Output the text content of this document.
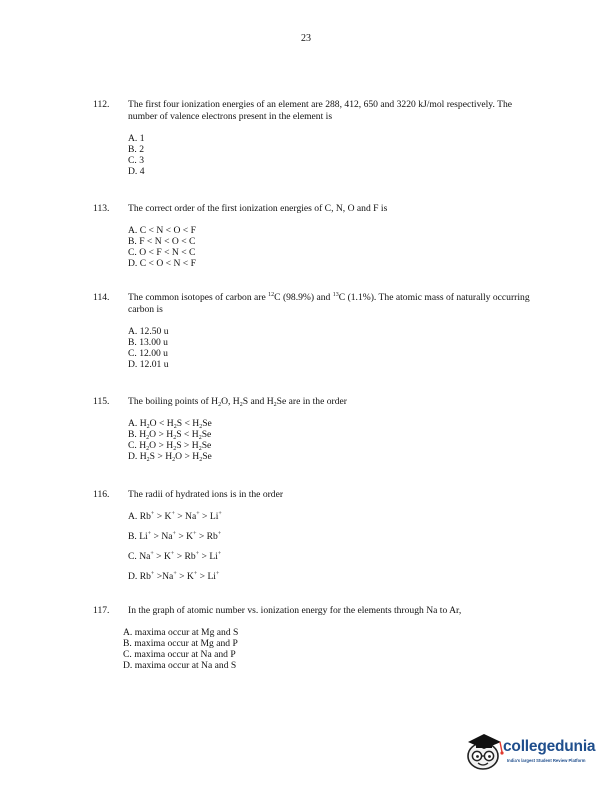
23
112.	The first four ionization energies of an element are 288, 412, 650 and 3220 kJ/mol respectively. The number of valence electrons present in the element is
A. 1
B. 2
C. 3
D. 4
113.	The correct order of the first ionization energies of C, N, O and F is
A. C < N < O < F
B. F < N < O < C
C. O < F < N < C
D. C < O < N < F
114.	The common isotopes of carbon are $^{12}$C (98.9%) and $^{13}$C (1.1%). The atomic mass of naturally occurring carbon is
A. 12.50 u
B. 13.00 u
C. 12.00 u
D. 12.01 u
115.	The boiling points of $H_2O$, $H_2S$ and $H_2Se$ are in the order
A. $H_2O < H_2S < H_2Se$
B. $H_2O > H_2S < H_2Se$
C. $H_2O > H_2S > H_2Se$
D. $H_2S > H_2O > H_2Se$
116.	The radii of hydrated ions is in the order
A. Rb+ > K+ > Na+ > Li+
B. Li+ > Na+ > K+ > Rb+
C. Na+ > K+ > Rb+ > Li+
D. Rb+ >Na+ > K+ > Li+
117.	In the graph of atomic number vs. ionization energy for the elements through Na to Ar,
A. maxima occur at Mg and S
B. maxima occur at Mg and P
C. maxima occur at Na and P
D. maxima occur at Na and S
collegedunia
India's largest Student Review Platform
